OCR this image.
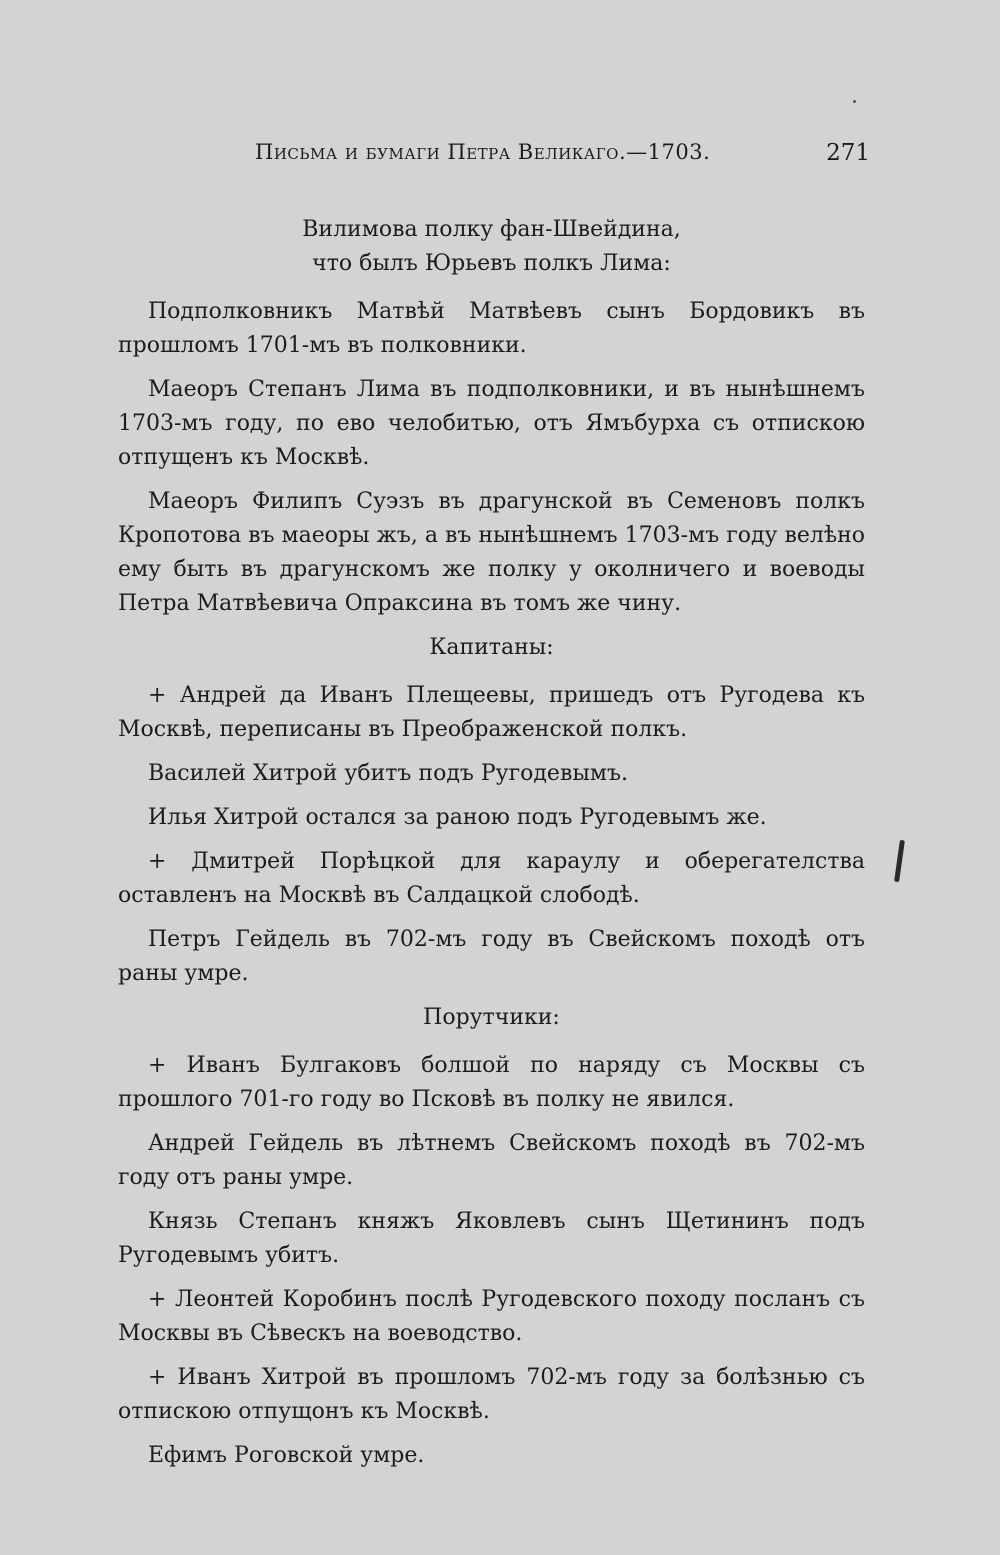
Письма и бумаги Петра Великаго.—1703.	271

Вилимова полку фан-Швейдина,

что былъ Юрьевъ полкъ Лима:

Подполковникъ Матвѣй Матвѣевъ сынъ Бордовикъ въ прошломъ 1701-мъ въ полковники.

Маеоръ Степанъ Лима въ подполковники, и въ нынѣшнемъ 1703-мъ году, по ево челобитью, отъ Ямъбурха съ отпискою отпущенъ къ Москвѣ.

Маеоръ Филипъ Суэзъ въ драгунской въ Семеновъ полкъ Кропотова въ маеоры жъ, а въ нынѣшнемъ 1703-мъ году велѣно ему быть въ драгунскомъ же полку у околничего и воеводы Петра Матвѣевича Опраксина въ томъ же чину.

Капитаны:

+ Андрей да Иванъ Плещеевы, пришедъ отъ Ругодева къ Москвѣ, переписаны въ Преображенской полкъ.

Василей Хитрой убитъ подъ Ругодевымъ.

Илья Хитрой остался за раною подъ Ругодевымъ же.

+ Дмитрей Порѣцкой для караулу и оберегателства оставленъ на Москвѣ въ Салдацкой слободѣ.

Петръ Гейдель въ 702-мъ году въ Свейскомъ походѣ отъ раны умре.

Порутчики:

+ Иванъ Булгаковъ болшой по наряду съ Москвы съ прошлого 701-го году во Псковѣ въ полку не явился.

Андрей Гейдель въ лѣтнемъ Свейскомъ походѣ въ 702-мъ году отъ раны умре.

Князь Степанъ княжъ Яковлевъ сынъ Щетининъ подъ Ругодевымъ убитъ.

+ Леонтей Коробинъ послѣ Ругодевского походу посланъ съ Москвы въ Сѣвескъ на воеводство.

+ Иванъ Хитрой въ прошломъ 702-мъ году за болѣзнью съ отпискою отпущонъ къ Москвѣ.

Ефимъ Роговской умре.
